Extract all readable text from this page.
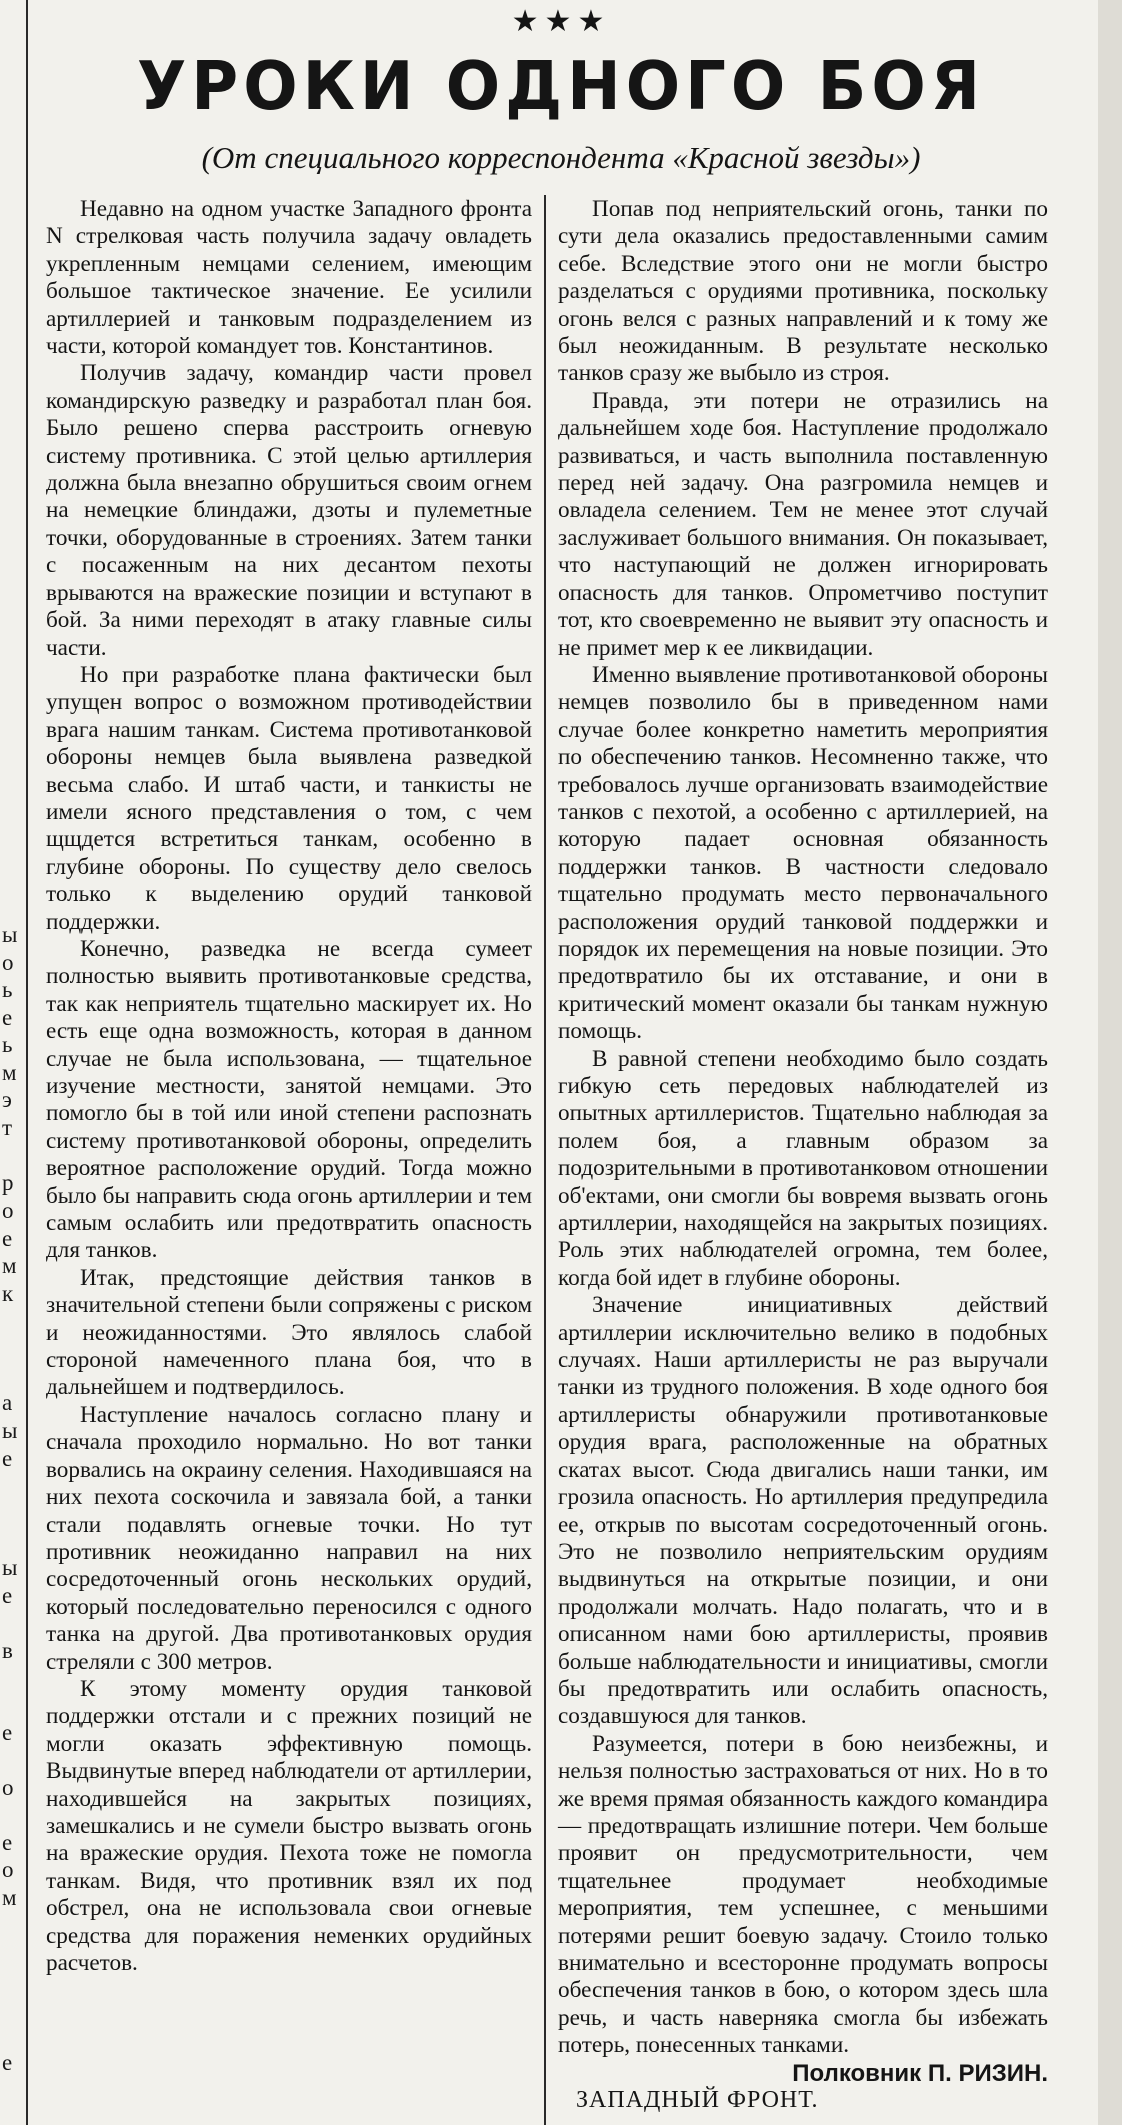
ы
о
ь
е
ь
м
э
т
р
о
е
м
к
а
ы
е
ы
е
в
е
о
е
о
м
е
★★★
УРОКИ ОДНОГО БОЯ
(От специального корреспондента «Красной звезды»)

Недавно на одном участке Западного фронта N стрелковая часть получила задачу овладеть укрепленным немцами селением, имеющим большое тактическое значение. Ее усилили артиллерией и танковым подразделением из части, которой командует тов. Константинов.

Получив задачу, командир части провел командирскую разведку и разработал план боя. Было решено сперва расстроить огневую систему противника. С этой целью артиллерия должна была внезапно обрушиться своим огнем на немецкие блиндажи, дзоты и пулеметные точки, оборудованные в строениях. Затем танки с посаженным на них десантом пехоты врываются на вражеские позиции и вступают в бой. За ними переходят в атаку главные силы части.

Но при разработке плана фактически был упущен вопрос о возможном противодействии врага нашим танкам. Система противотанковой обороны немцев была выявлена разведкой весьма слабо. И штаб части, и танкисты не имели ясного представления о том, с чем щщдется встретиться танкам, особенно в глубине обороны. По существу дело свелось только к выделению орудий танковой поддержки.

Конечно, разведка не всегда сумеет полностью выявить противотанковые средства, так как неприятель тщательно маскирует их. Но есть еще одна возможность, которая в данном случае не была использована, — тщательное изучение местности, занятой немцами. Это помогло бы в той или иной степени распознать систему противотанковой обороны, определить вероятное расположение орудий. Тогда можно было бы направить сюда огонь артиллерии и тем самым ослабить или предотвратить опасность для танков.

Итак, предстоящие действия танков в значительной степени были сопряжены с риском и неожиданностями. Это являлось слабой стороной намеченного плана боя, что в дальнейшем и подтвердилось.

Наступление началось согласно плану и сначала проходило нормально. Но вот танки ворвались на окраину селения. Находившаяся на них пехота соскочила и завязала бой, а танки стали подавлять огневые точки. Но тут противник неожиданно направил на них сосредоточенный огонь нескольких орудий, который последовательно переносился с одного танка на другой. Два противотанковых орудия стреляли с 300 метров.

К этому моменту орудия танковой поддержки отстали и с прежних позиций не могли оказать эффективную помощь. Выдвинутые вперед наблюдатели от артиллерии, находившейся на закрытых позициях, замешкались и не сумели быстро вызвать огонь на вражеские орудия. Пехота тоже не помогла танкам. Видя, что противник взял их под обстрел, она не использовала свои огневые средства для поражения неменких орудийных расчетов.

Попав под неприятельский огонь, танки по сути дела оказались предоставленными самим себе. Вследствие этого они не могли быстро разделаться с орудиями противника, поскольку огонь велся с разных направлений и к тому же был неожиданным. В результате несколько танков сразу же выбыло из строя.

Правда, эти потери не отразились на дальнейшем ходе боя. Наступление продолжало развиваться, и часть выполнила поставленную перед ней задачу. Она разгромила немцев и овладела селением. Тем не менее этот случай заслуживает большого внимания. Он показывает, что наступающий не должен игнорировать опасность для танков. Опрометчиво поступит тот, кто своевременно не выявит эту опасность и не примет мер к ее ликвидации.

Именно выявление противотанковой обороны немцев позволило бы в приведенном нами случае более конкретно наметить мероприятия по обеспечению танков. Несомненно также, что требовалось лучше организовать взаимодействие танков с пехотой, а особенно с артиллерией, на которую падает основная обязанность поддержки танков. В частности следовало тщательно продумать место первоначального расположения орудий танковой поддержки и порядок их перемещения на новые позиции. Это предотвратило бы их отставание, и они в критический момент оказали бы танкам нужную помощь.

В равной степени необходимо было создать гибкую сеть передовых наблюдателей из опытных артиллеристов. Тщательно наблюдая за полем боя, а главным образом за подозрительными в противотанковом отношении об'ектами, они смогли бы вовремя вызвать огонь артиллерии, находящейся на закрытых позициях. Роль этих наблюдателей огромна, тем более, когда бой идет в глубине обороны.

Значение инициативных действий артиллерии исключительно велико в подобных случаях. Наши артиллеристы не раз выручали танки из трудного положения. В ходе одного боя артиллеристы обнаружили противотанковые орудия врага, расположенные на обратных скатах высот. Сюда двигались наши танки, им грозила опасность. Но артиллерия предупредила ее, открыв по высотам сосредоточенный огонь. Это не позволило неприятельским орудиям выдвинуться на открытые позиции, и они продолжали молчать. Надо полагать, что и в описанном нами бою артиллеристы, проявив больше наблюдательности и инициативы, смогли бы предотвратить или ослабить опасность, создавшуюся для танков.

Разумеется, потери в бою неизбежны, и нельзя полностью застраховаться от них. Но в то же время прямая обязанность каждого командира — предотвращать излишние потери. Чем больше проявит он предусмотрительности, чем тщательнее продумает необходимые мероприятия, тем успешнее, с меньшими потерями решит боевую задачу. Стоило только внимательно и всесторонне продумать вопросы обеспечения танков в бою, о котором здесь шла речь, и часть наверняка смогла бы избежать потерь, понесенных танками.

Полковник П. РИЗИН.

ЗАПАДНЫЙ ФРОНТ.
